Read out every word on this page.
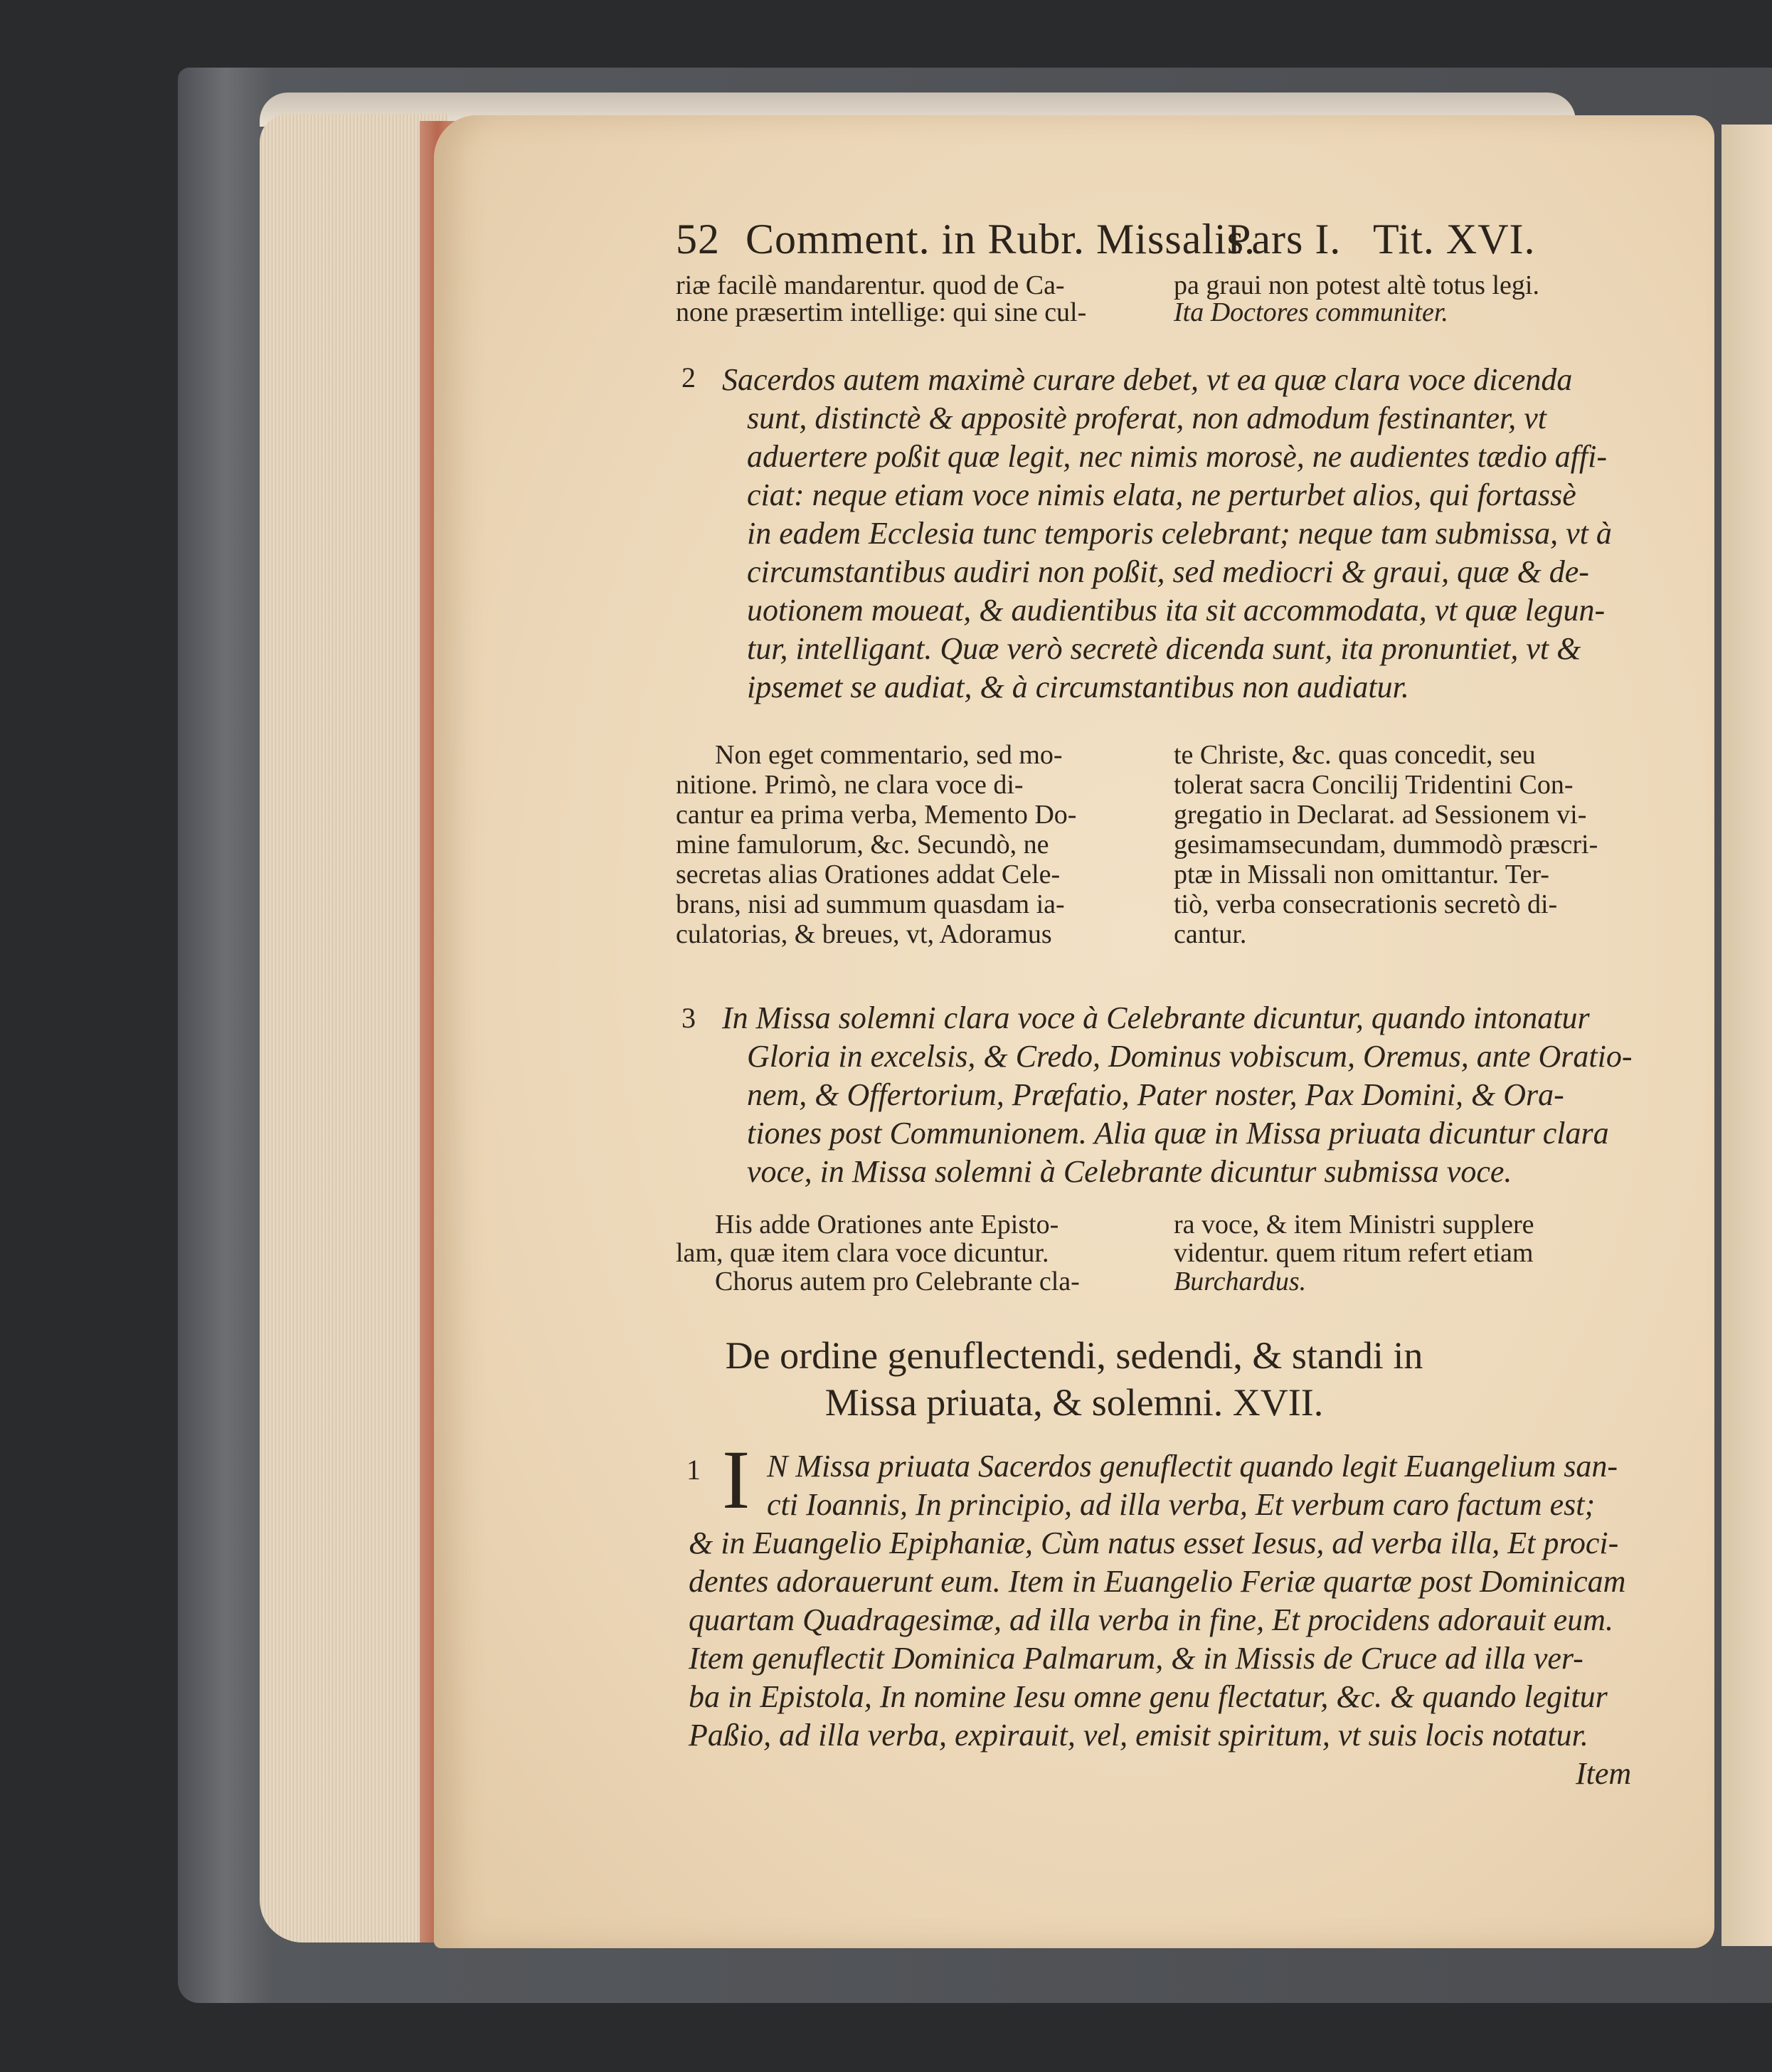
52 Comment. in Rubr. Missalis.
Pars I. Tit. XVI.
riæ facilè mandarentur. quod de Ca-
none præsertim intellige: qui sine cul-
pa graui non potest altè totus legi.
Ita Doctores communiter.
2 Sacerdos autem maximè curare debet, vt ea quæ clara voce dicenda
sunt, distinctè & appositè proferat, non admodum festinanter, vt
aduertere poßit quæ legit, nec nimis morosè, ne audientes tædio affi-
ciat: neque etiam voce nimis elata, ne perturbet alios, qui fortassè
in eadem Ecclesia tunc temporis celebrant; neque tam submissa, vt à
circumstantibus audiri non poßit, sed mediocri & graui, quæ & de-
uotionem moueat, & audientibus ita sit accommodata, vt quæ legun-
tur, intelligant. Quæ verò secretè dicenda sunt, ita pronuntiet, vt &
ipsemet se audiat, & à circumstantibus non audiatur.
Non eget commentario, sed mo-
nitione. Primò, ne clara voce di-
cantur ea prima verba, Memento Do-
mine famulorum, &c. Secundò, ne
secretas alias Orationes addat Cele-
brans, nisi ad summum quasdam ia-
culatorias, & breues, vt, Adoramus
te Christe, &c. quas concedit, seu
tolerat sacra Concilij Tridentini Con-
gregatio in Declarat. ad Sessionem vi-
gesimamsecundam, dummodò præscri-
ptæ in Missali non omittantur. Ter-
tiò, verba consecrationis secretò di-
cantur.
3 In Missa solemni clara voce à Celebrante dicuntur, quando intonatur
Gloria in excelsis, & Credo, Dominus vobiscum, Oremus, ante Oratio-
nem, & Offertorium, Præfatio, Pater noster, Pax Domini, & Ora-
tiones post Communionem. Alia quæ in Missa priuata dicuntur clara
voce, in Missa solemni à Celebrante dicuntur submissa voce.
His adde Orationes ante Episto-
lam, quæ item clara voce dicuntur.
Chorus autem pro Celebrante cla-
ra voce, & item Ministri supplere
videntur. quem ritum refert etiam
Burchardus.
De ordine genuflectendi, sedendi, & standi in
Missa priuata, & solemni. XVII.
1 I N Missa priuata Sacerdos genuflectit quando legit Euangelium san-
cti Ioannis, In principio, ad illa verba, Et verbum caro factum est;
& in Euangelio Epiphaniæ, Cùm natus esset Iesus, ad verba illa, Et proci-
dentes adorauerunt eum. Item in Euangelio Feriæ quartæ post Dominicam
quartam Quadragesimæ, ad illa verba in fine, Et procidens adorauit eum.
Item genuflectit Dominica Palmarum, & in Missis de Cruce ad illa ver-
ba in Epistola, In nomine Iesu omne genu flectatur, &c. & quando legitur
Paßio, ad illa verba, expirauit, vel, emisit spiritum, vt suis locis notatur.
Item
